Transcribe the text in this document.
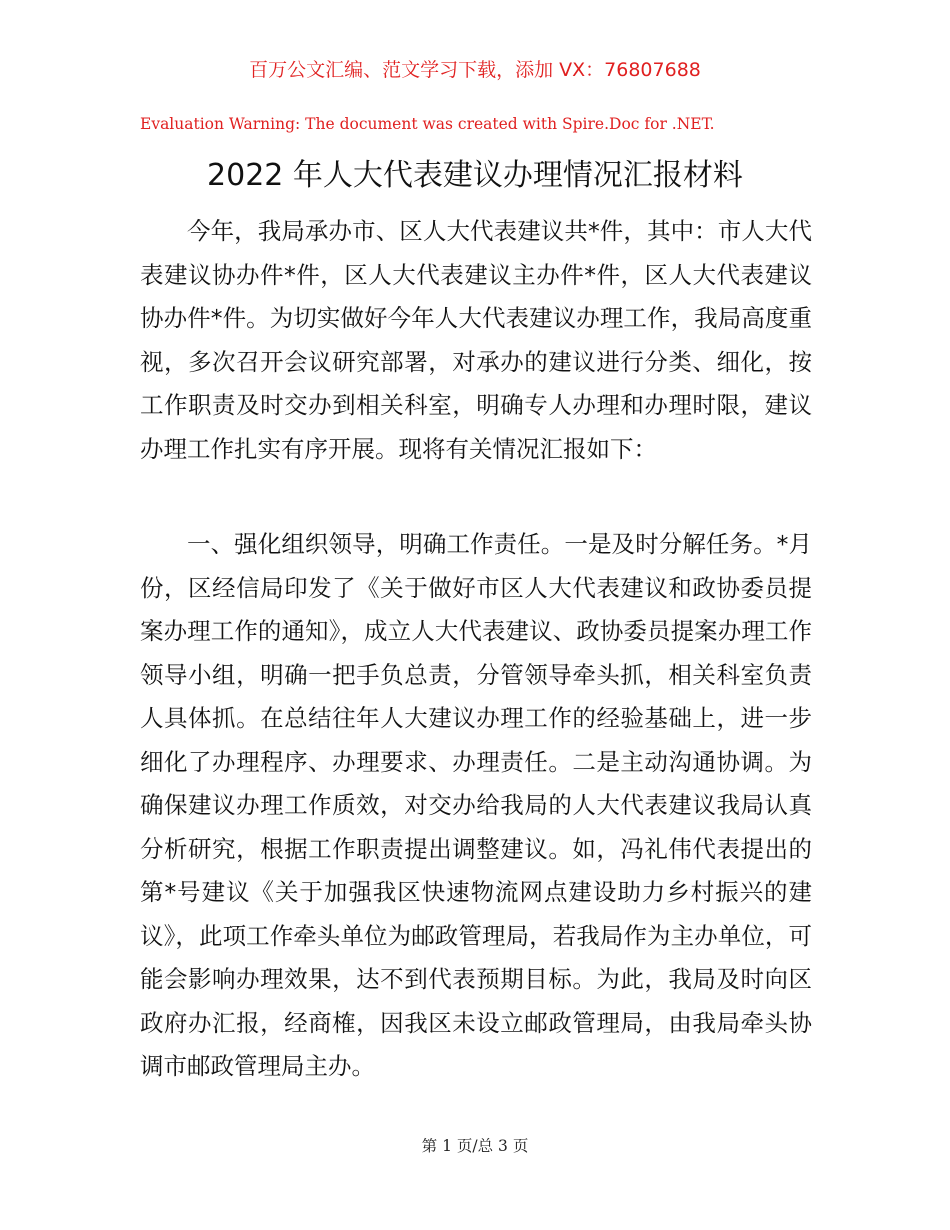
百万公文汇编、范文学习下载，添加 VX：76807688
Evaluation Warning: The document was created with Spire.Doc for .NET.
2022 年人大代表建议办理情况汇报材料

今年，我局承办市、区人大代表建议共*件，其中：市人大代表建议协办件*件，区人大代表建议主办件*件，区人大代表建议协办件*件。为切实做好今年人大代表建议办理工作，我局高度重视，多次召开会议研究部署，对承办的建议进行分类、细化，按工作职责及时交办到相关科室，明确专人办理和办理时限，建议办理工作扎实有序开展。现将有关情况汇报如下：

一、强化组织领导，明确工作责任。一是及时分解任务。*月份，区经信局印发了《关于做好市区人大代表建议和政协委员提案办理工作的通知》，成立人大代表建议、政协委员提案办理工作领导小组，明确一把手负总责，分管领导牵头抓，相关科室负责人具体抓。在总结往年人大建议办理工作的经验基础上，进一步细化了办理程序、办理要求、办理责任。二是主动沟通协调。为确保建议办理工作质效，对交办给我局的人大代表建议我局认真分析研究，根据工作职责提出调整建议。如，冯礼伟代表提出的第*号建议《关于加强我区快速物流网点建设助力乡村振兴的建议》，此项工作牵头单位为邮政管理局，若我局作为主办单位，可能会影响办理效果，达不到代表预期目标。为此，我局及时向区政府办汇报，经商榷，因我区未设立邮政管理局，由我局牵头协调市邮政管理局主办。

第 1 页/总 3 页
